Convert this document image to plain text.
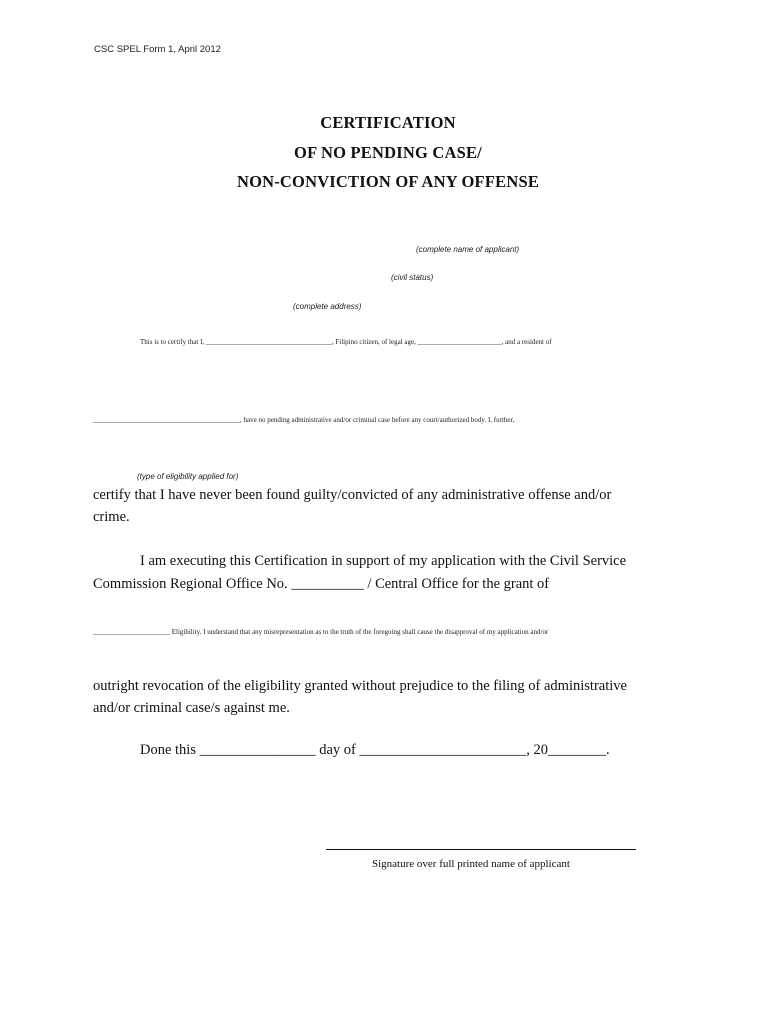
CSC SPEL Form 1, April 2012
CERTIFICATION
OF NO PENDING CASE/
NON-CONVICTION OF ANY OFFENSE
(complete name of applicant)
(civil status)
(complete address)
This is to certify that I, ____________________________________, Filipino citizen, of legal age, ________________________, and a resident of
__________________________________________, have no pending administrative and/or criminal case before any court/authorized body. I, further,
(type of eligibility applied for)
certify that I have never been found guilty/convicted of any administrative offense and/or
crime.
I am executing this Certification in support of my application with the Civil Service
Commission Regional Office No. __________ / Central Office for the grant of
______________________ Eligibility. I understand that any misrepresentation as to the truth of the foregoing shall cause the disapproval of my application and/or
outright revocation of the eligibility granted without prejudice to the filing of administrative
and/or criminal case/s against me.
Done this ________________ day of _______________________, 20________.
Signature over full printed name of applicant
